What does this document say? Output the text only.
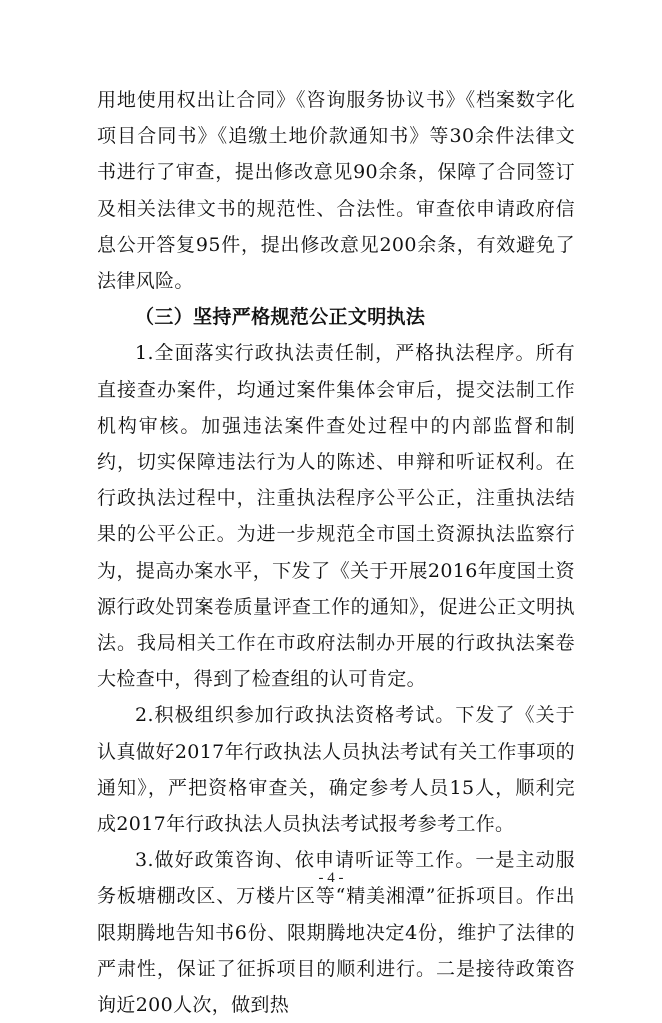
用地使用权出让合同》《咨询服务协议书》《档案数字化项目合同书》《追缴土地价款通知书》等30余件法律文书进行了审查，提出修改意见90余条，保障了合同签订及相关法律文书的规范性、合法性。审查依申请政府信息公开答复95件，提出修改意见200余条，有效避免了法律风险。

（三）坚持严格规范公正文明执法

1.全面落实行政执法责任制，严格执法程序。所有直接查办案件，均通过案件集体会审后，提交法制工作机构审核。加强违法案件查处过程中的内部监督和制约，切实保障违法行为人的陈述、申辩和听证权利。在行政执法过程中，注重执法程序公平公正，注重执法结果的公平公正。为进一步规范全市国土资源执法监察行为，提高办案水平，下发了《关于开展2016年度国土资源行政处罚案卷质量评查工作的通知》，促进公正文明执法。我局相关工作在市政府法制办开展的行政执法案卷大检查中，得到了检查组的认可肯定。

2.积极组织参加行政执法资格考试。下发了《关于认真做好2017年行政执法人员执法考试有关工作事项的通知》，严把资格审查关，确定参考人员15人，顺利完成2017年行政执法人员执法考试报考参考工作。

3.做好政策咨询、依申请听证等工作。一是主动服务板塘棚改区、万楼片区等“精美湘潭”征拆项目。作出限期腾地告知书6份、限期腾地决定4份，维护了法律的严肃性，保证了征拆项目的顺利进行。二是接待政策咨询近200人次，做到热

- 4 -
